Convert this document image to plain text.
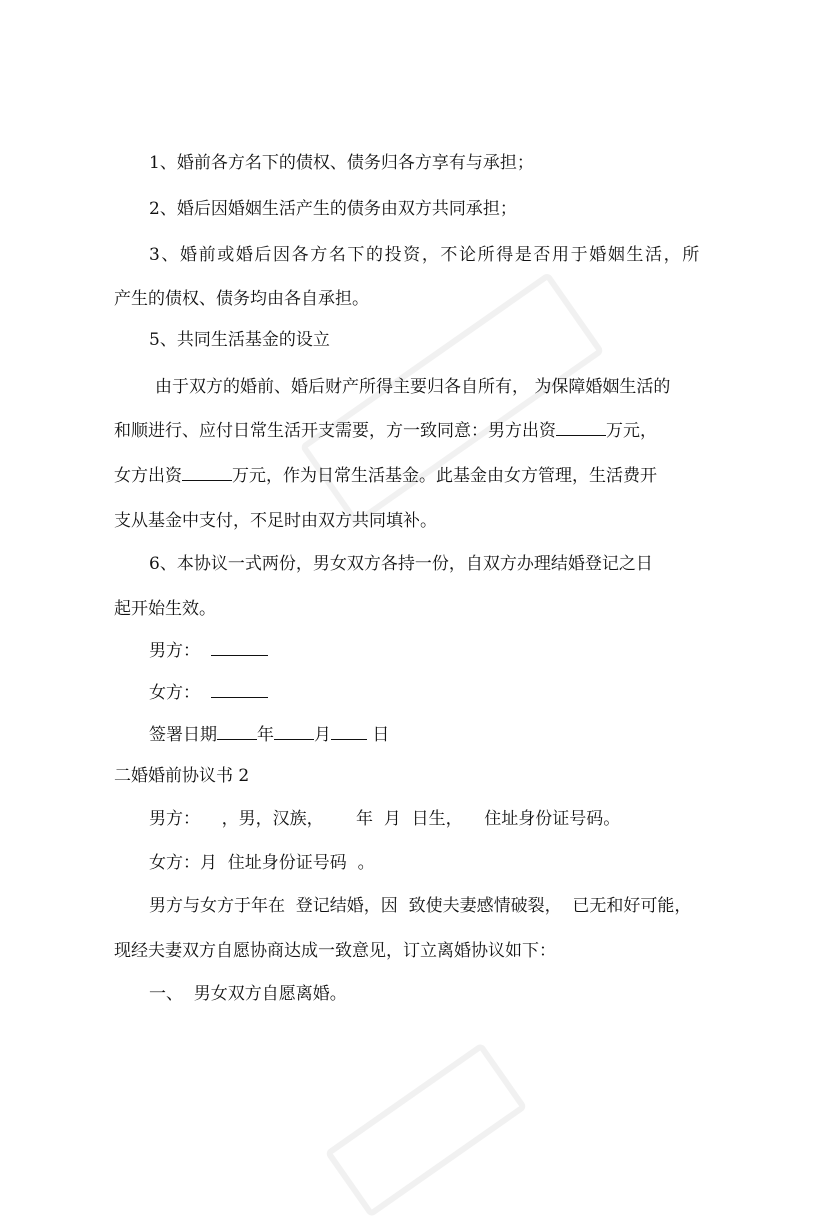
1、婚前各方名下的债权、债务归各方享有与承担；

2、婚后因婚姻生活产生的债务由双方共同承担；

3、婚前或婚后因各方名下的投资，不论所得是否用于婚姻生活，所

产生的债权、债务均由各自承担。

5、共同生活基金的设立

由于双方的婚前、婚后财产所得主要归各自所有， 为保障婚姻生活的

和顺进行、应付日常生活开支需要，方一致同意：男方出资	万元，

女方出资	万元，作为日常生活基金。此基金由女方管理，生活费开

支从基金中支付，不足时由双方共同填补。

6、本协议一式两份，男女双方各持一份，自双方办理结婚登记之日

起开始生效。

男方：

女方：

签署日期 年 月 日

二婚婚前协议书 2

男方：    ，男，汉族，      年  月  日生，    住址身份证号码。

女方：月  住址身份证号码  。

男方与女方于年在  登记结婚，因  致使夫妻感情破裂，  已无和好可能，

现经夫妻双方自愿协商达成一致意见，订立离婚协议如下：

一、  男女双方自愿离婚。
